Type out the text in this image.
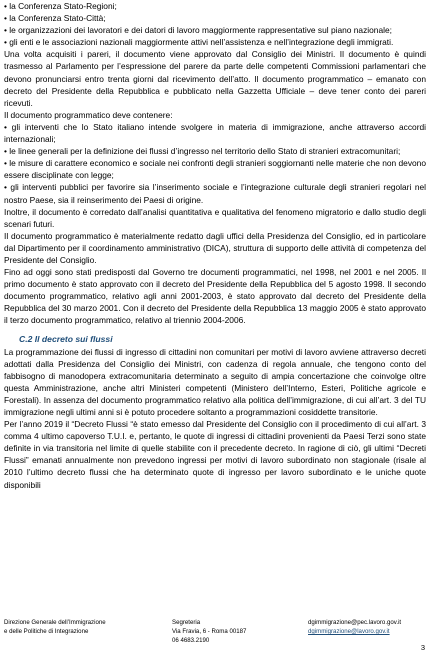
• la Conferenza Stato-Regioni;

• la Conferenza Stato-Città;

• le organizzazioni dei lavoratori e dei datori di lavoro maggiormente rappresentative sul piano nazionale;

• gli enti e le associazioni nazionali maggiormente attivi nell’assistenza e nell’integrazione degli immigrati.

Una volta acquisiti i pareri, il documento viene approvato dal Consiglio dei Ministri. Il documento è quindi trasmesso al Parlamento per l’espressione del parere da parte delle competenti Commissioni parlamentari che devono pronunciarsi entro trenta giorni dal ricevimento dell’atto. Il documento programmatico – emanato con decreto del Presidente della Repubblica e pubblicato nella Gazzetta Ufficiale – deve tener conto dei pareri ricevuti.

Il documento programmatico deve contenere:

• gli interventi che lo Stato italiano intende svolgere in materia di immigrazione, anche attraverso accordi internazionali;

• le linee generali per la definizione dei flussi d’ingresso nel territorio dello Stato di stranieri extracomunitari;

• le misure di carattere economico e sociale nei confronti degli stranieri soggiornanti nelle materie che non devono essere disciplinate con legge;

• gli interventi pubblici per favorire sia l’inserimento sociale e l’integrazione culturale degli stranieri regolari nel nostro Paese, sia il reinserimento dei Paesi di origine.

Inoltre, il documento è corredato dall’analisi quantitativa e qualitativa del fenomeno migratorio e dallo studio degli scenari futuri.

Il documento programmatico è materialmente redatto dagli uffici della Presidenza del Consiglio, ed in particolare dal Dipartimento per il coordinamento amministrativo (DICA), struttura di supporto delle attività di competenza del Presidente del Consiglio.

Fino ad oggi sono stati predisposti dal Governo tre documenti programmatici, nel 1998, nel 2001 e nel 2005. Il primo documento è stato approvato con il decreto del Presidente della Repubblica del 5 agosto 1998. Il secondo documento programmatico, relativo agli anni 2001-2003, è stato approvato dal decreto del Presidente della Repubblica del 30 marzo 2001. Con il decreto del Presidente della Repubblica 13 maggio 2005 è stato approvato il terzo documento programmatico, relativo al triennio 2004-2006.

C.2 Il decreto sui flussi

La programmazione dei flussi di ingresso di cittadini non comunitari per motivi di lavoro avviene attraverso decreti adottati dalla Presidenza del Consiglio dei Ministri, con cadenza di regola annuale, che tengono conto del fabbisogno di manodopera extracomunitaria determinato a seguito di ampia concertazione che coinvolge oltre questa Amministrazione, anche altri Ministeri competenti (Ministero dell’Interno, Esteri, Politiche agricole e Forestali). In assenza del documento programmatico relativo alla politica dell’immigrazione, di cui all’art. 3 del TU immigrazione negli ultimi anni si è potuto procedere soltanto a programmazioni cosiddette transitorie.

Per l’anno 2019 il “Decreto Flussi “è stato emesso dal Presidente del Consiglio con il procedimento di cui all’art. 3 comma 4 ultimo capoverso T.U.I. e, pertanto, le quote di ingressi di cittadini provenienti da Paesi Terzi sono state definite in via transitoria nel limite di quelle stabilite con il precedente decreto. In ragione di ciò, gli ultimi “Decreti Flussi” emanati annualmente non prevedono ingressi per motivi di lavoro subordinato non stagionale (risale al 2010 l’ultimo decreto flussi che ha determinato quote di ingresso per lavoro subordinato e le uniche quote disponibili

Direzione Generale dell’Immigrazione
e delle Politiche di Integrazione
Segreteria
Via Fravia, 6 - Roma 00187
06 4683.2190
dgimmigrazione@pec.lavoro.gov.it
dgimmigrazione@lavoro.gov.it
3
